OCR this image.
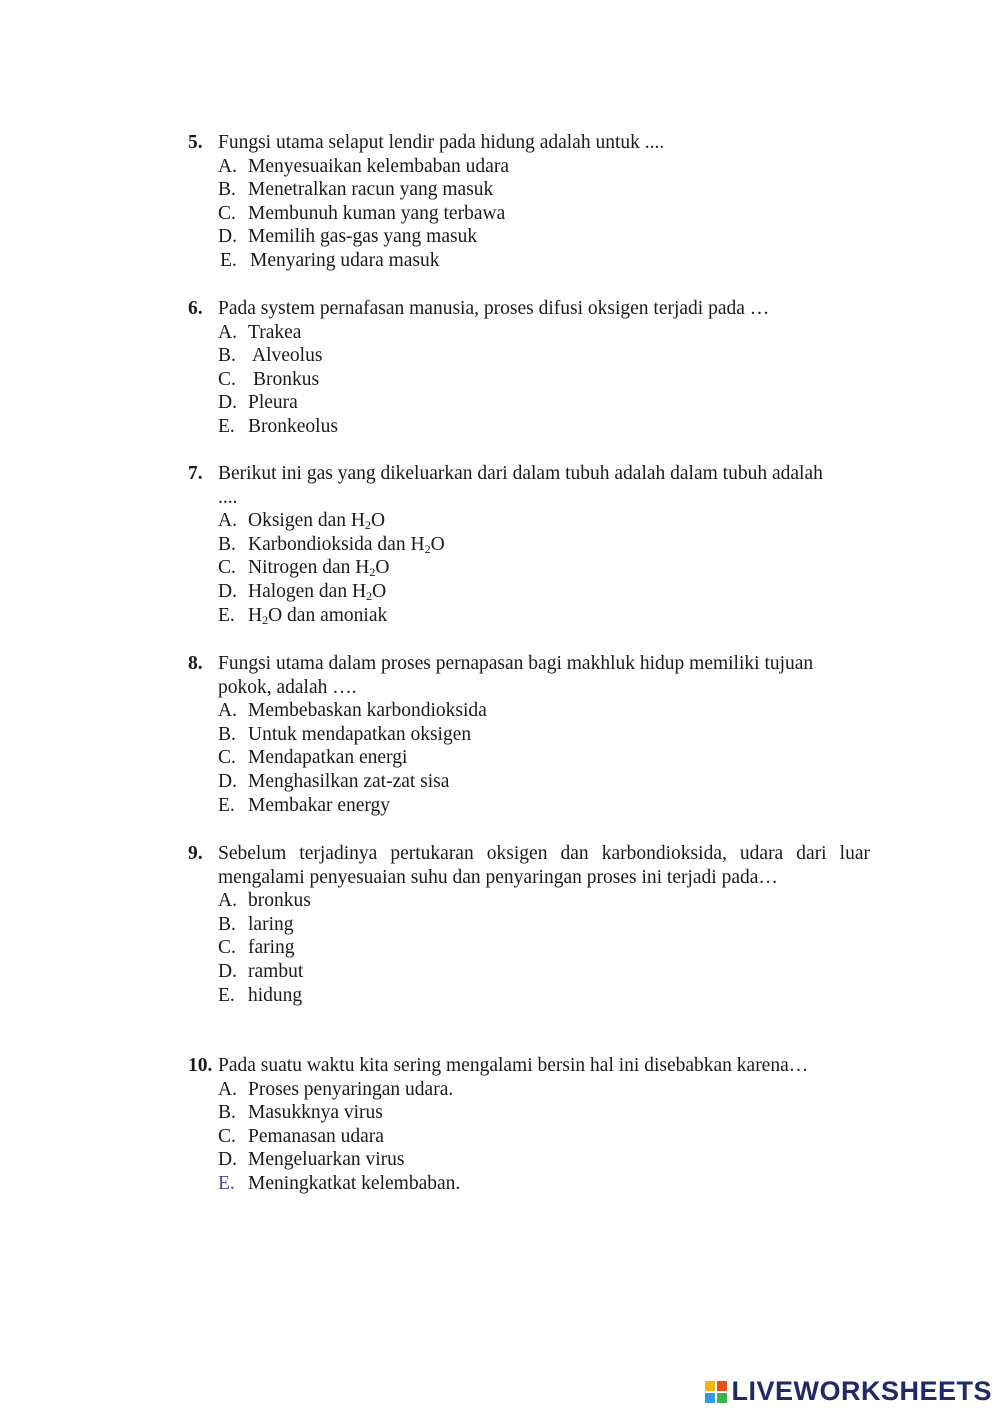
5. Fungsi utama selaput lendir pada hidung adalah untuk ....
A. Menyesuaikan kelembaban udara
B. Menetralkan racun yang masuk
C. Membunuh kuman yang terbawa
D. Memilih gas-gas yang masuk
E. Menyaring udara masuk
6. Pada system pernafasan manusia, proses difusi oksigen terjadi pada …
A. Trakea
B. Alveolus
C. Bronkus
D. Pleura
E. Bronkeolus
7. Berikut ini gas yang dikeluarkan dari dalam tubuh adalah dalam tubuh adalah ....
A. Oksigen dan $H_2O$
B. Karbondioksida dan $H_2O$
C. Nitrogen dan $H_2O$
D. Halogen dan $H_2O$
E. $H_2O$ dan amoniak
8. Fungsi utama dalam proses pernapasan bagi makhluk hidup memiliki tujuan pokok, adalah ….
A. Membebaskan karbondioksida
B. Untuk mendapatkan oksigen
C. Mendapatkan energi
D. Menghasilkan zat-zat sisa
E. Membakar energy
9. Sebelum terjadinya pertukaran oksigen dan karbondioksida, udara dari luar mengalami penyesuaian suhu dan penyaringan proses ini terjadi pada…
A. bronkus
B. laring
C. faring
D. rambut
E. hidung
10. Pada suatu waktu kita sering mengalami bersin hal ini disebabkan karena…
A. Proses penyaringan udara.
B. Masukknya virus
C. Pemanasan udara
D. Mengeluarkan virus
E. Meningkatkat kelembaban.
LIVEWORKSHEETS
